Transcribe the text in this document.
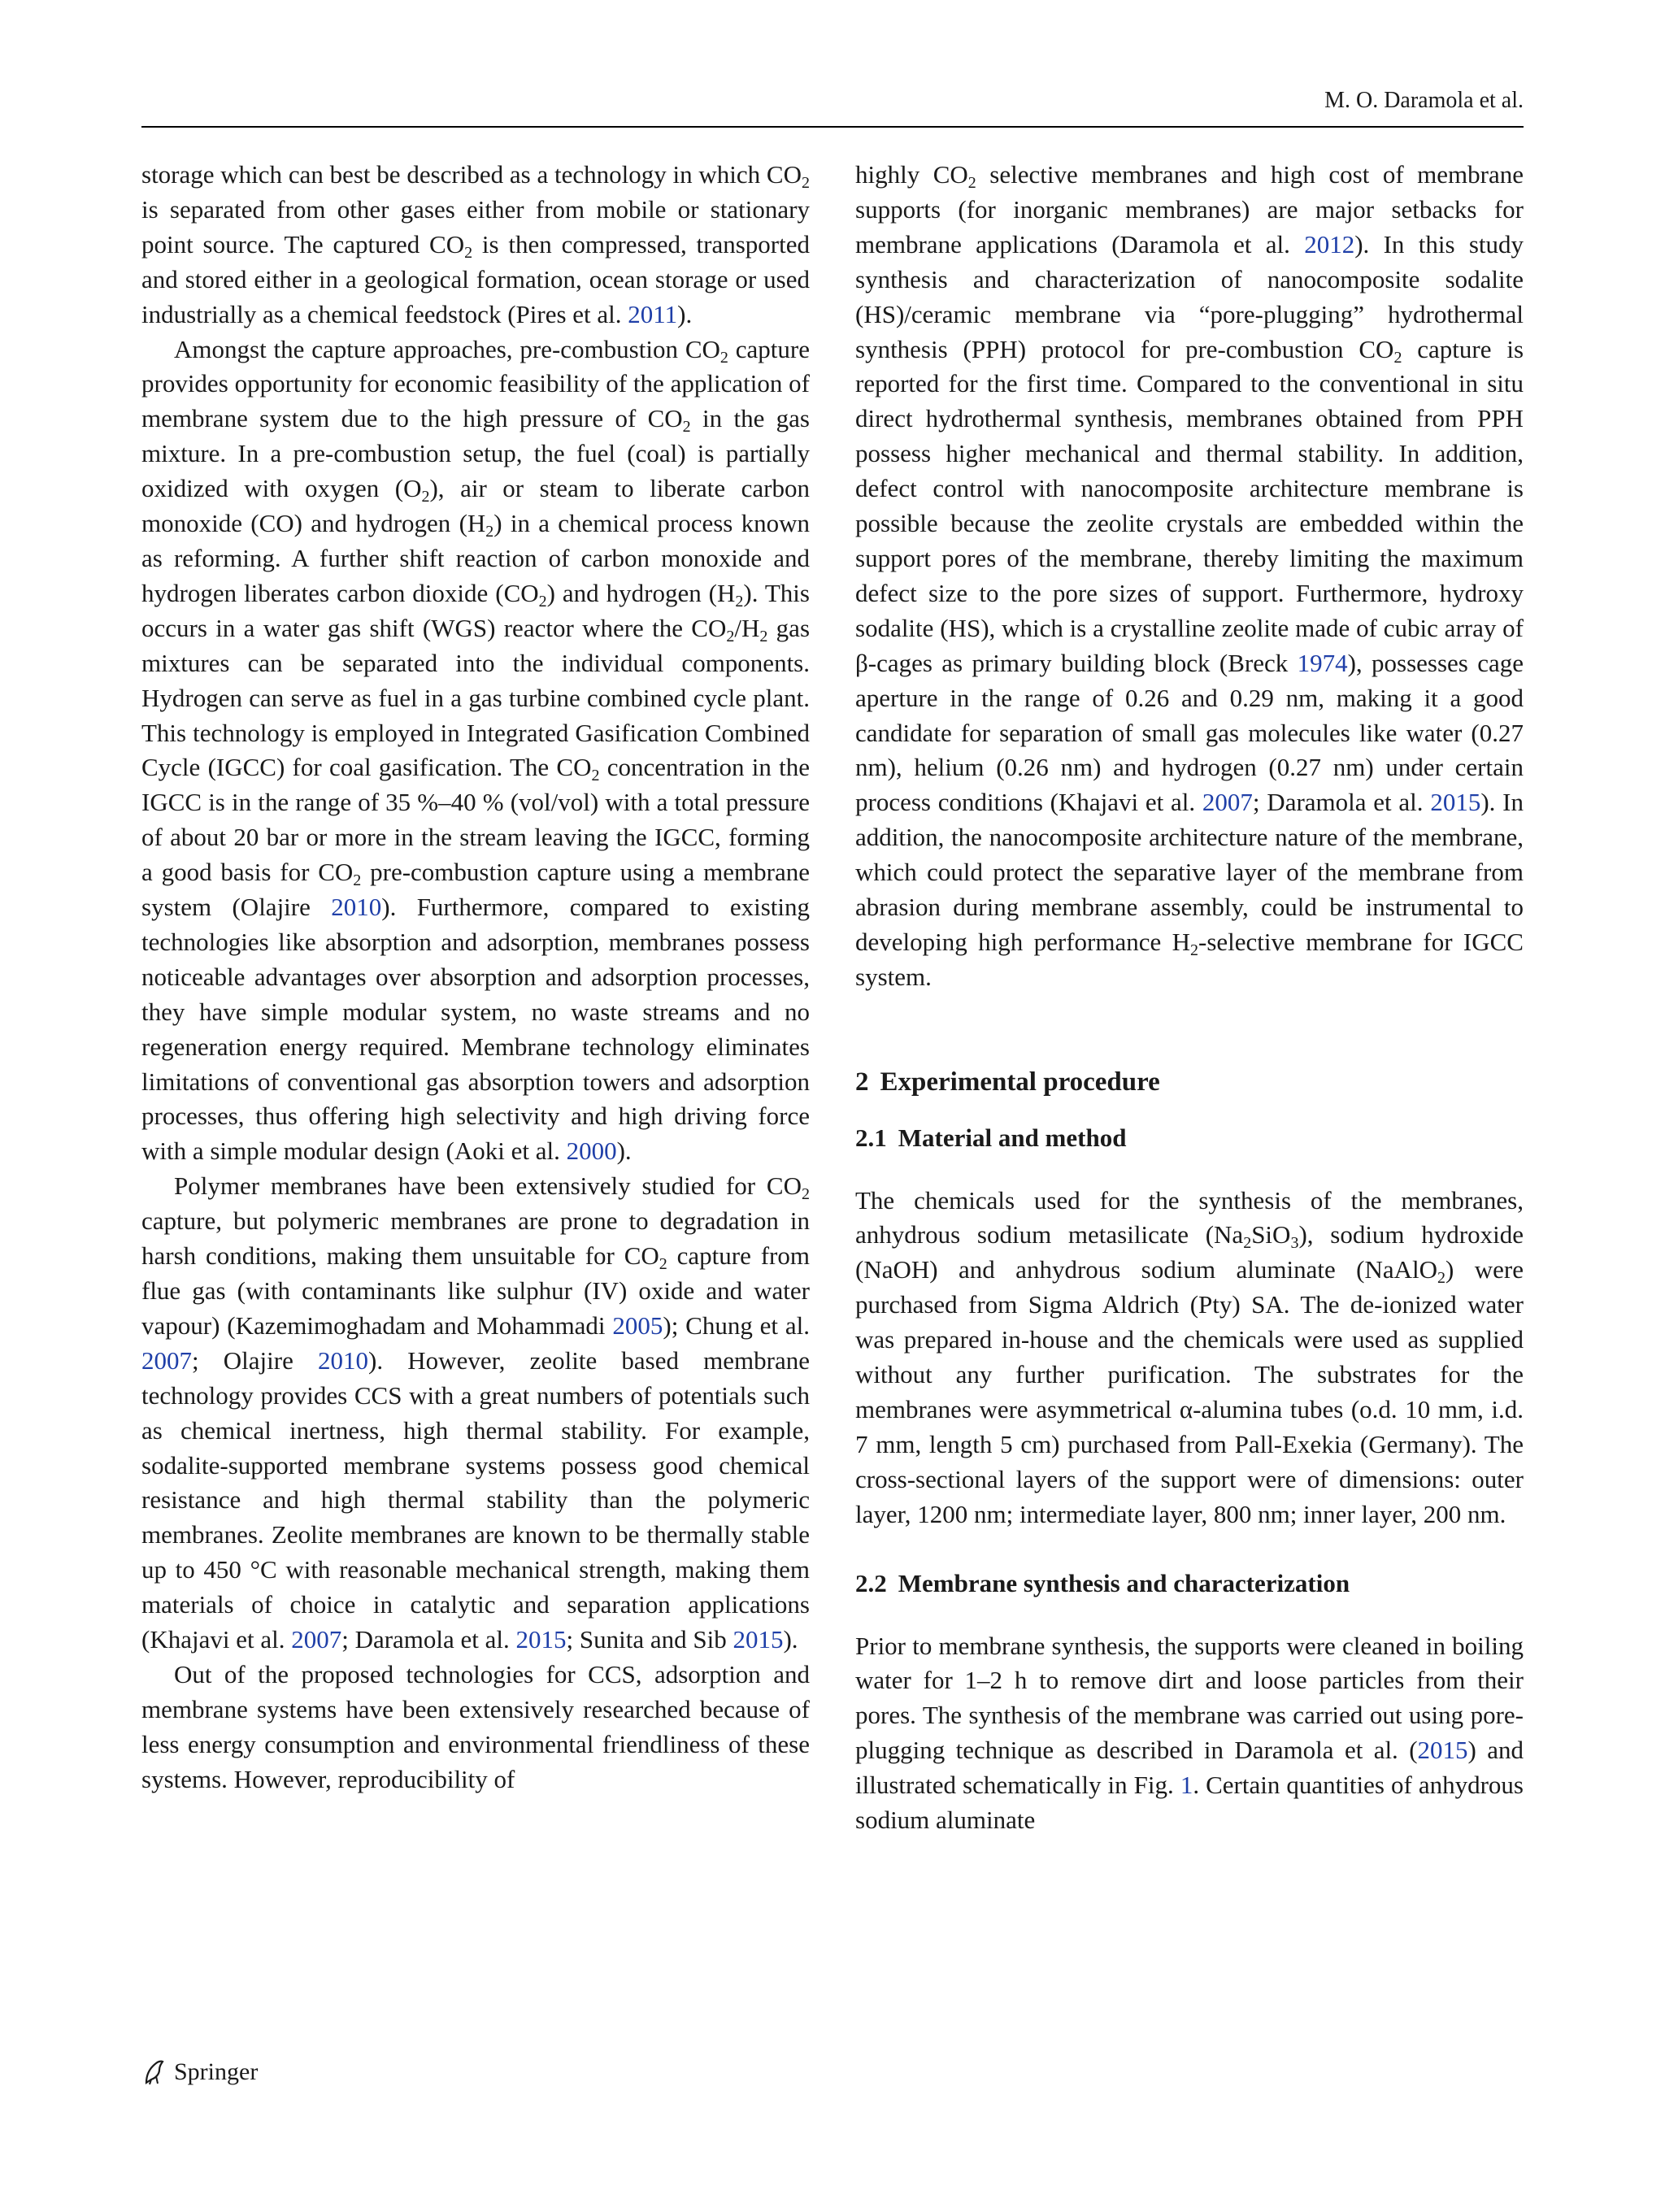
M. O. Daramola et al.

storage which can best be described as a technology in which $CO_2$ is separated from other gases either from mobile or stationary point source. The captured $CO_2$ is then compressed, transported and stored either in a geological formation, ocean storage or used industrially as a chemical feedstock (Pires et al. 2011).

Amongst the capture approaches, pre-combustion $CO_2$ capture provides opportunity for economic feasibility of the application of membrane system due to the high pressure of $CO_2$ in the gas mixture. In a pre-combustion setup, the fuel (coal) is partially oxidized with oxygen $(O_2)$, air or steam to liberate carbon monoxide (CO) and hydrogen $(H_2)$ in a chemical process known as reforming. A further shift reaction of carbon monoxide and hydrogen liberates carbon dioxide $(CO_2)$ and hydrogen $(H_2)$. This occurs in a water gas shift (WGS) reactor where the $CO_2/H_2$ gas mixtures can be separated into the individual components. Hydrogen can serve as fuel in a gas turbine combined cycle plant. This technology is employed in Integrated Gasification Combined Cycle (IGCC) for coal gasification. The $CO_2$ concentration in the IGCC is in the range of 35 %–40 % (vol/vol) with a total pressure of about 20 bar or more in the stream leaving the IGCC, forming a good basis for $CO_2$ pre-combustion capture using a membrane system (Olajire 2010). Furthermore, compared to existing technologies like absorption and adsorption, membranes possess noticeable advantages over absorption and adsorption processes, they have simple modular system, no waste streams and no regeneration energy required. Membrane technology eliminates limitations of conventional gas absorption towers and adsorption processes, thus offering high selectivity and high driving force with a simple modular design (Aoki et al. 2000).

Polymer membranes have been extensively studied for $CO_2$ capture, but polymeric membranes are prone to degradation in harsh conditions, making them unsuitable for $CO_2$ capture from flue gas (with contaminants like sulphur (IV) oxide and water vapour) (Kazemimoghadam and Mohammadi 2005); Chung et al. 2007; Olajire 2010). However, zeolite based membrane technology provides CCS with a great numbers of potentials such as chemical inertness, high thermal stability. For example, sodalite-supported membrane systems possess good chemical resistance and high thermal stability than the polymeric membranes. Zeolite membranes are known to be thermally stable up to 450 °C with reasonable mechanical strength, making them materials of choice in catalytic and separation applications (Khajavi et al. 2007; Daramola et al. 2015; Sunita and Sib 2015).

Out of the proposed technologies for CCS, adsorption and membrane systems have been extensively researched because of less energy consumption and environmental friendliness of these systems. However, reproducibility of

highly $CO_2$ selective membranes and high cost of membrane supports (for inorganic membranes) are major setbacks for membrane applications (Daramola et al. 2012). In this study synthesis and characterization of nanocomposite sodalite (HS)/ceramic membrane via “pore-plugging” hydrothermal synthesis (PPH) protocol for pre-combustion $CO_2$ capture is reported for the first time. Compared to the conventional in situ direct hydrothermal synthesis, membranes obtained from PPH possess higher mechanical and thermal stability. In addition, defect control with nanocomposite architecture membrane is possible because the zeolite crystals are embedded within the support pores of the membrane, thereby limiting the maximum defect size to the pore sizes of support. Furthermore, hydroxy sodalite (HS), which is a crystalline zeolite made of cubic array of β-cages as primary building block (Breck 1974), possesses cage aperture in the range of 0.26 and 0.29 nm, making it a good candidate for separation of small gas molecules like water (0.27 nm), helium (0.26 nm) and hydrogen (0.27 nm) under certain process conditions (Khajavi et al. 2007; Daramola et al. 2015). In addition, the nanocomposite architecture nature of the membrane, which could protect the separative layer of the membrane from abrasion during membrane assembly, could be instrumental to developing high performance $H_2$-selective membrane for IGCC system.

2 Experimental procedure
2.1 Material and method

The chemicals used for the synthesis of the membranes, anhydrous sodium metasilicate $(Na_2SiO_3)$, sodium hydroxide (NaOH) and anhydrous sodium aluminate (NaAlO$_2$) were purchased from Sigma Aldrich (Pty) SA. The de-ionized water was prepared in-house and the chemicals were used as supplied without any further purification. The substrates for the membranes were asymmetrical α-alumina tubes (o.d. 10 mm, i.d. 7 mm, length 5 cm) purchased from Pall-Exekia (Germany). The cross-sectional layers of the support were of dimensions: outer layer, 1200 nm; intermediate layer, 800 nm; inner layer, 200 nm.

2.2 Membrane synthesis and characterization

Prior to membrane synthesis, the supports were cleaned in boiling water for 1–2 h to remove dirt and loose particles from their pores. The synthesis of the membrane was carried out using pore-plugging technique as described in Daramola et al. (2015) and illustrated schematically in Fig. 1. Certain quantities of anhydrous sodium aluminate

Springer
